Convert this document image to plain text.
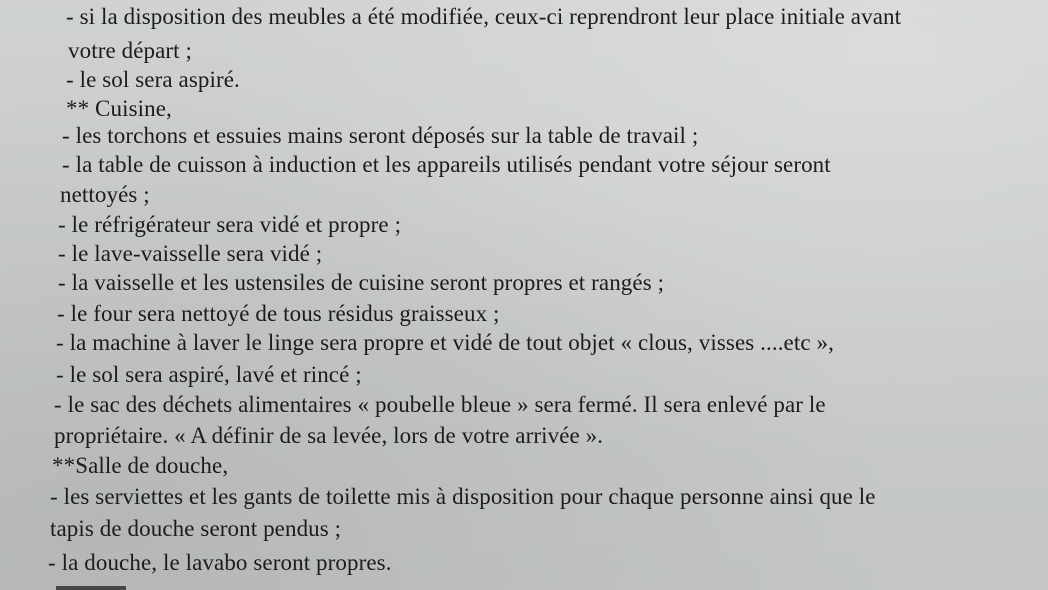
- si la disposition des meubles a été modifiée, ceux-ci reprendront leur place initiale avant
votre départ ;
- le sol sera aspiré.
** Cuisine,
- les torchons et essuies mains seront déposés sur la table de travail ;
- la table de cuisson à induction et les appareils utilisés pendant votre séjour seront
nettoyés ;
- le réfrigérateur sera vidé et propre ;
- le lave-vaisselle sera vidé ;
- la vaisselle et les ustensiles de cuisine seront propres et rangés ;
- le four sera nettoyé de tous résidus graisseux ;
- la machine à laver le linge sera propre et vidé de tout objet « clous, visses ....etc »,
- le sol sera aspiré, lavé et rincé ;
- le sac des déchets alimentaires « poubelle bleue » sera fermé. Il sera enlevé par le
propriétaire. « A définir de sa levée, lors de votre arrivée ».
**Salle de douche,
- les serviettes et les gants de toilette mis à disposition pour chaque personne ainsi que le
tapis de douche seront pendus ;
- la douche, le lavabo seront propres.
